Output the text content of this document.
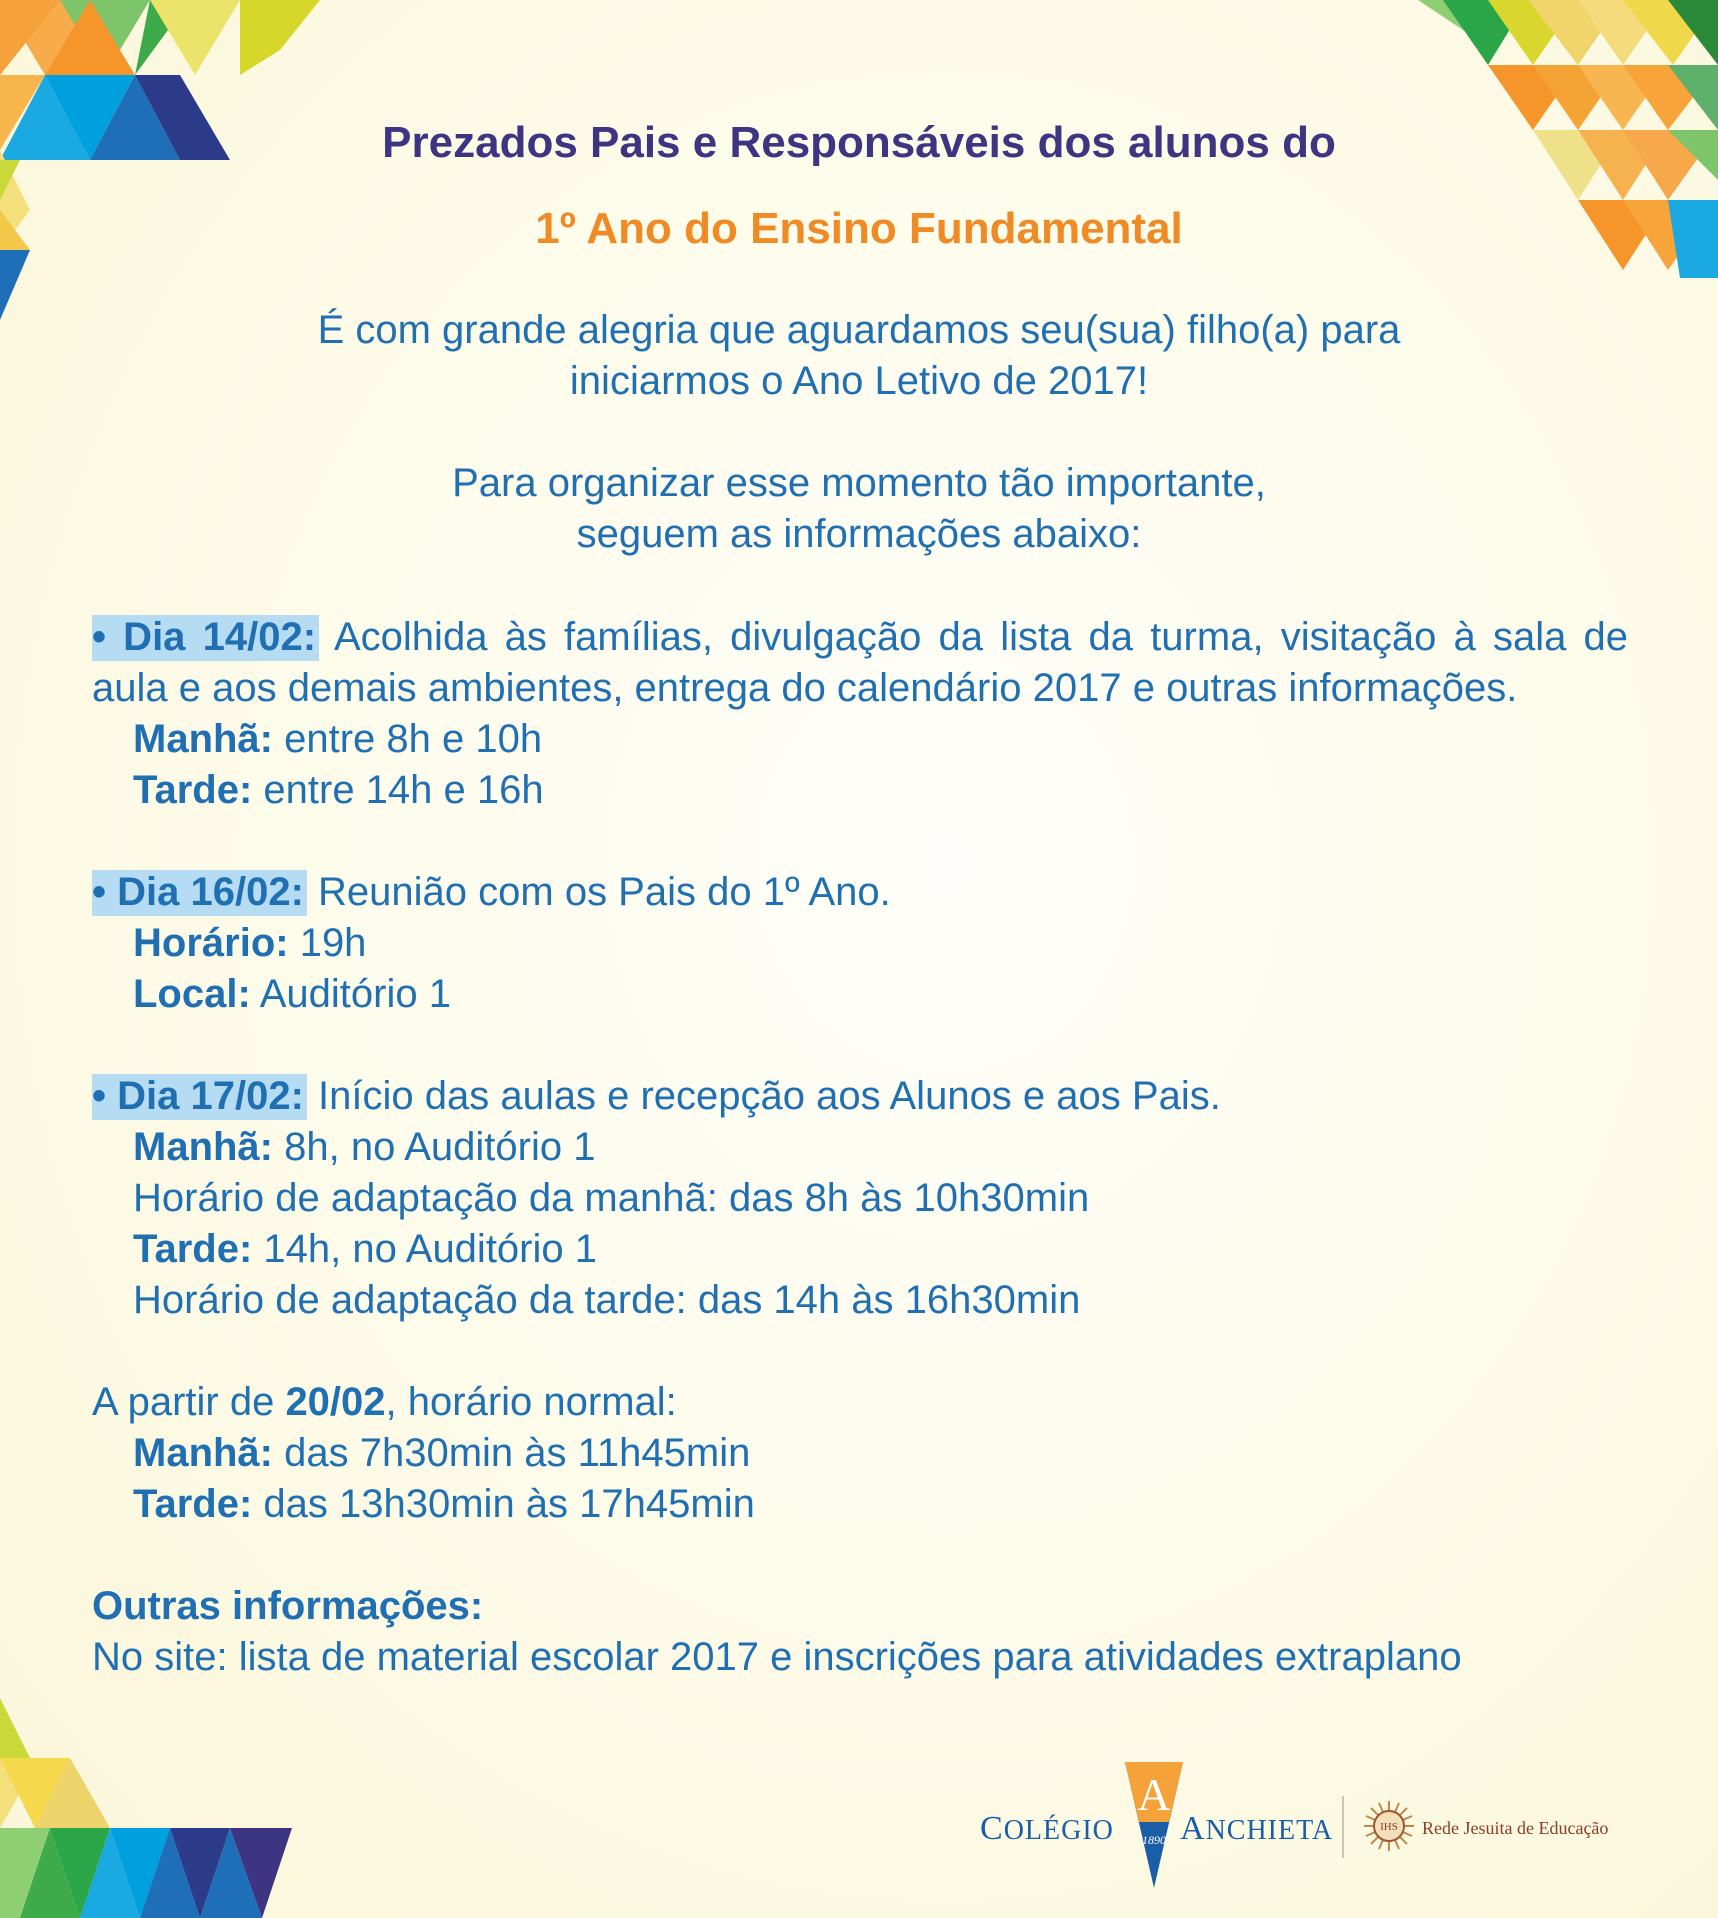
Prezados Pais e Responsáveis dos alunos do
1º Ano do Ensino Fundamental

É com grande alegria que aguardamos seu(sua) filho(a) para

iniciarmos o Ano Letivo de 2017!

Para organizar esse momento tão importante,

seguem as informações abaixo:

• Dia 14/02: Acolhida às famílias, divulgação da lista da turma, visitação à sala de aula e aos demais ambientes, entrega do calendário 2017 e outras informações.

Manhã: entre 8h e 10h

Tarde: entre 14h e 16h

• Dia 16/02: Reunião com os Pais do 1º Ano.

Horário: 19h

Local: Auditório 1

• Dia 17/02: Início das aulas e recepção aos Alunos e aos Pais.

Manhã: 8h, no Auditório 1

Horário de adaptação da manhã: das 8h às 10h30min

Tarde: 14h, no Auditório 1

Horário de adaptação da tarde: das 14h às 16h30min

A partir de 20/02, horário normal:

Manhã: das 7h30min às 11h45min

Tarde: das 13h30min às 17h45min

Outras informações:

No site: lista de material escolar 2017 e inscrições para atividades extraplano

COLÉGIO
A
1890 ANCHIETA	IHS Rede Jesuita de Educação
